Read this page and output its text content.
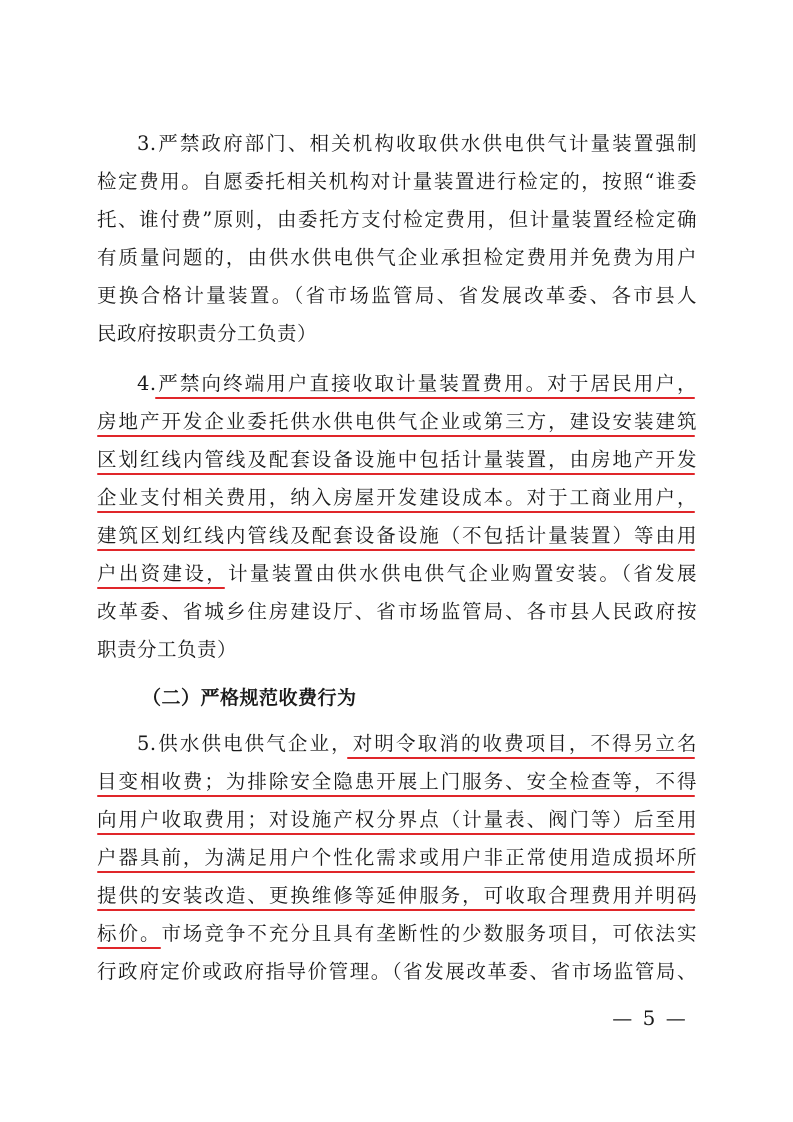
3.严禁政府部门、相关机构收取供水供电供气计量装置强制
检定费用。自愿委托相关机构对计量装置进行检定的，按照“谁委
托、谁付费”原则，由委托方支付检定费用，但计量装置经检定确
有质量问题的，由供水供电供气企业承担检定费用并免费为用户
更换合格计量装置。（省市场监管局、省发展改革委、各市县人
民政府按职责分工负责）
4.严禁向终端用户直接收取计量装置费用。对于居民用户，
房地产开发企业委托供水供电供气企业或第三方，建设安装建筑
区划红线内管线及配套设备设施中包括计量装置，由房地产开发
企业支付相关费用，纳入房屋开发建设成本。对于工商业用户，
建筑区划红线内管线及配套设备设施（不包括计量装置）等由用
户出资建设，计量装置由供水供电供气企业购置安装。（省发展
改革委、省城乡住房建设厅、省市场监管局、各市县人民政府按
职责分工负责）
（二）严格规范收费行为
5.供水供电供气企业，对明令取消的收费项目，不得另立名
目变相收费；为排除安全隐患开展上门服务、安全检查等，不得
向用户收取费用；对设施产权分界点（计量表、阀门等）后至用
户器具前，为满足用户个性化需求或用户非正常使用造成损坏所
提供的安装改造、更换维修等延伸服务，可收取合理费用并明码
标价。市场竞争不充分且具有垄断性的少数服务项目，可依法实
行政府定价或政府指导价管理。（省发展改革委、省市场监管局、
— 5 —
